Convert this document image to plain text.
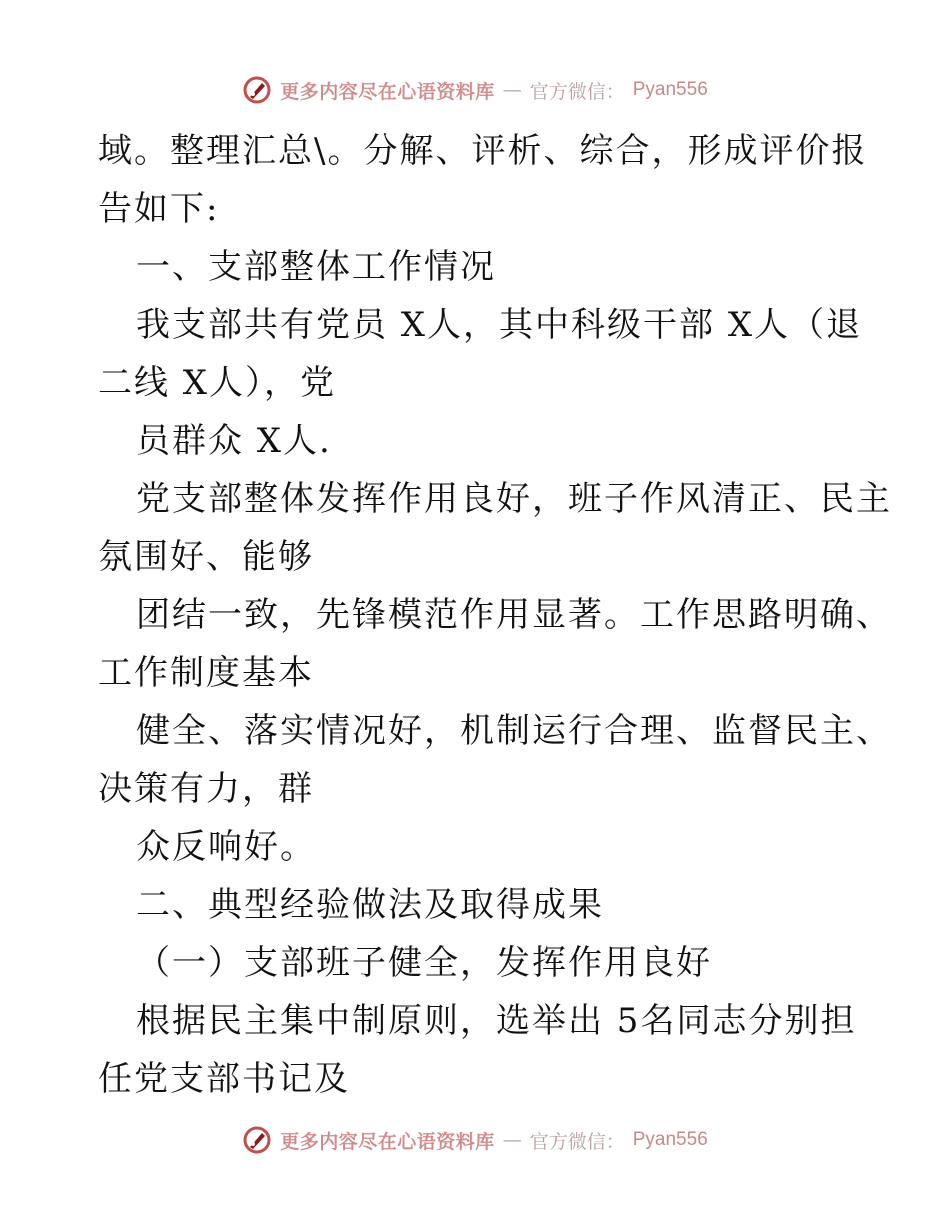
更多内容尽在心语资料库 — 官方微信： Pyan556
域。整理汇总\。分解、评析、综合，形成评价报
告如下:
一、支部整体工作情况
我支部共有党员 X人，其中科级干部 X人（退
二线 X人），党
员群众 X人.
党支部整体发挥作用良好，班子作风清正、民主
氛围好、能够
团结一致，先锋模范作用显著。工作思路明确、
工作制度基本
健全、落实情况好，机制运行合理、监督民主、
决策有力，群
众反响好。
二、典型经验做法及取得成果
（一）支部班子健全，发挥作用良好
根据民主集中制原则，选举出 5名同志分别担
任党支部书记及
更多内容尽在心语资料库 — 官方微信： Pyan556
